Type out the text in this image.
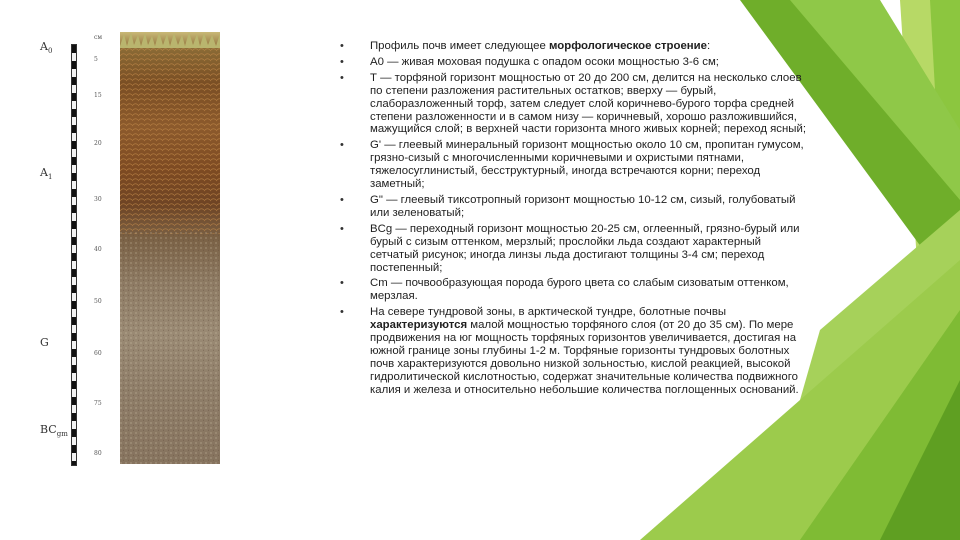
$A_0$
$A_1$
G
$BC_{gm}$
см
5
15
20
30
40
50
60
75
80
• Профиль почв имеет следующее морфологическое строение:
• А0 — живая моховая подушка с опадом осоки мощностью 3-6 см;
• Т — торфяной горизонт мощностью от 20 до 200 см, делится на несколько слоев по степени разложения растительных остатков; вверху — бурый, слаборазложенный торф, затем следует слой коричнево-бурого торфа средней степени разложенности и в самом низу — коричневый, хорошо разложившийся, мажущийся слой; в верхней части горизонта много живых корней; переход ясный;
• G' — глеевый минеральный горизонт мощностью около 10 см, пропитан гумусом, грязно-сизый с многочисленными коричневыми и охристыми пятнами, тяжелосуглинистый, бесструктурный, иногда встречаются корни; переход заметный;
• G" — глеевый тиксотропный горизонт мощностью 10-12 см, сизый, голубоватый или зеленоватый;
• BCg — переходный горизонт мощностью 20-25 см, оглеенный, грязно-бурый или бурый с сизым оттенком, мерзлый; прослойки льда создают характерный сетчатый рисунок; иногда линзы льда достигают толщины 3-4 см; переход постепенный;
• Cm — почвообразующая порода бурого цвета со слабым сизоватым оттенком, мерзлая.
• На севере тундровой зоны, в арктической тундре, болотные почвы характеризуются малой мощностью торфяного слоя (от 20 до 35 см). По мере продвижения на юг мощность торфяных горизонтов увеличивается, достигая на южной границе зоны глубины 1-2 м. Торфяные горизонты тундровых болотных почв характеризуются довольно низкой зольностью, кислой реакцией, высокой гидролитической кислотностью, содержат значительные количества подвижного калия и железа и относительно небольшие количества поглощенных оснований.
